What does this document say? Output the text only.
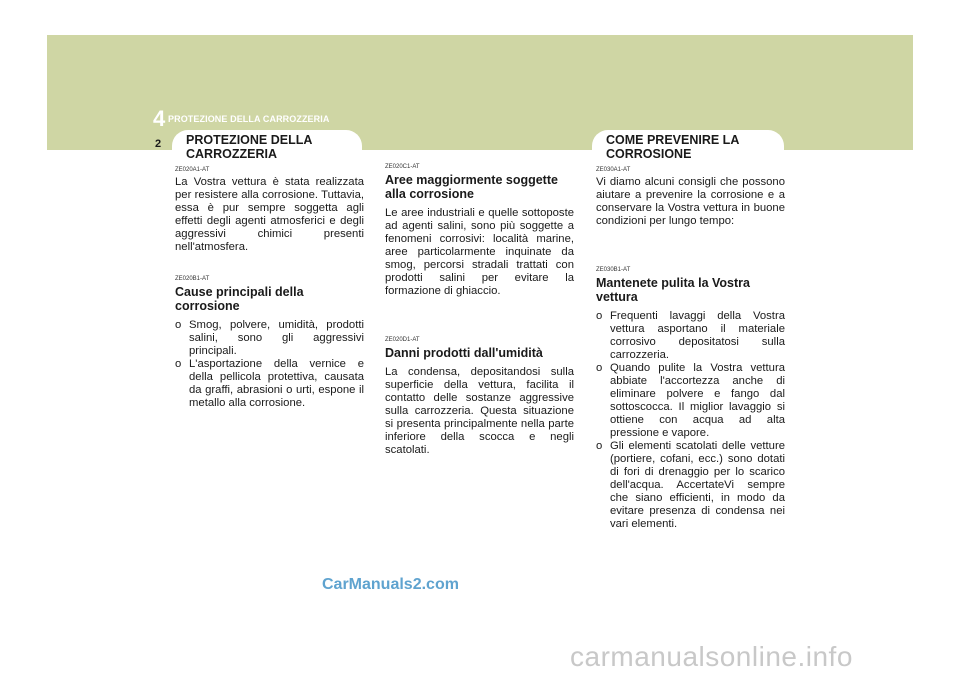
4 PROTEZIONE DELLA CARROZZERIA
2 PROTEZIONE DELLA
CARROZZERIA
COME PREVENIRE LA
CORROSIONE
ZE020A1-AT

La Vostra vettura è stata realizzata per resistere alla corrosione. Tuttavia, essa è pur sempre soggetta agli effetti degli agenti atmosferici e degli aggressivi chimici presenti nell'atmosfera.

ZE020B1-AT
Cause principali della corrosione
o Smog, polvere, umidità, prodotti salini, sono gli aggressivi principali.
o L'asportazione della vernice e della pellicola protettiva, causata da graffi, abrasioni o urti, espone il metallo alla corrosione.
ZE020C1-AT
Aree maggiormente soggette alla corrosione

Le aree industriali e quelle sottoposte ad agenti salini, sono più soggette a fenomeni corrosivi: località marine, aree particolarmente inquinate da smog, percorsi stradali trattati con prodotti salini per evitare la formazione di ghiaccio.

ZE020D1-AT
Danni prodotti dall'umidità

La condensa, depositandosi sulla superficie della vettura, facilita il contatto delle sostanze aggressive sulla carrozzeria. Questa situazione si presenta principalmente nella parte inferiore della scocca e negli scatolati.

ZE030A1-AT

Vi diamo alcuni consigli che possono aiutare a prevenire la corrosione e a conservare la Vostra vettura in buone condizioni per lungo tempo:

ZE030B1-AT
Mantenete pulita la Vostra vettura
o Frequenti lavaggi della Vostra vettura asportano il materiale corrosivo depositatosi sulla carrozzeria.
o Quando pulite la Vostra vettura abbiate l'accortezza anche di eliminare polvere e fango dal sottoscocca. Il miglior lavaggio si ottiene con acqua ad alta pressione e vapore.
o Gli elementi scatolati delle vetture (portiere, cofani, ecc.) sono dotati di fori di drenaggio per lo scarico dell'acqua. AccertateVi sempre che siano efficienti, in modo da evitare presenza di condensa nei vari elementi.
CarManuals2.com
carmanualsonline.info
